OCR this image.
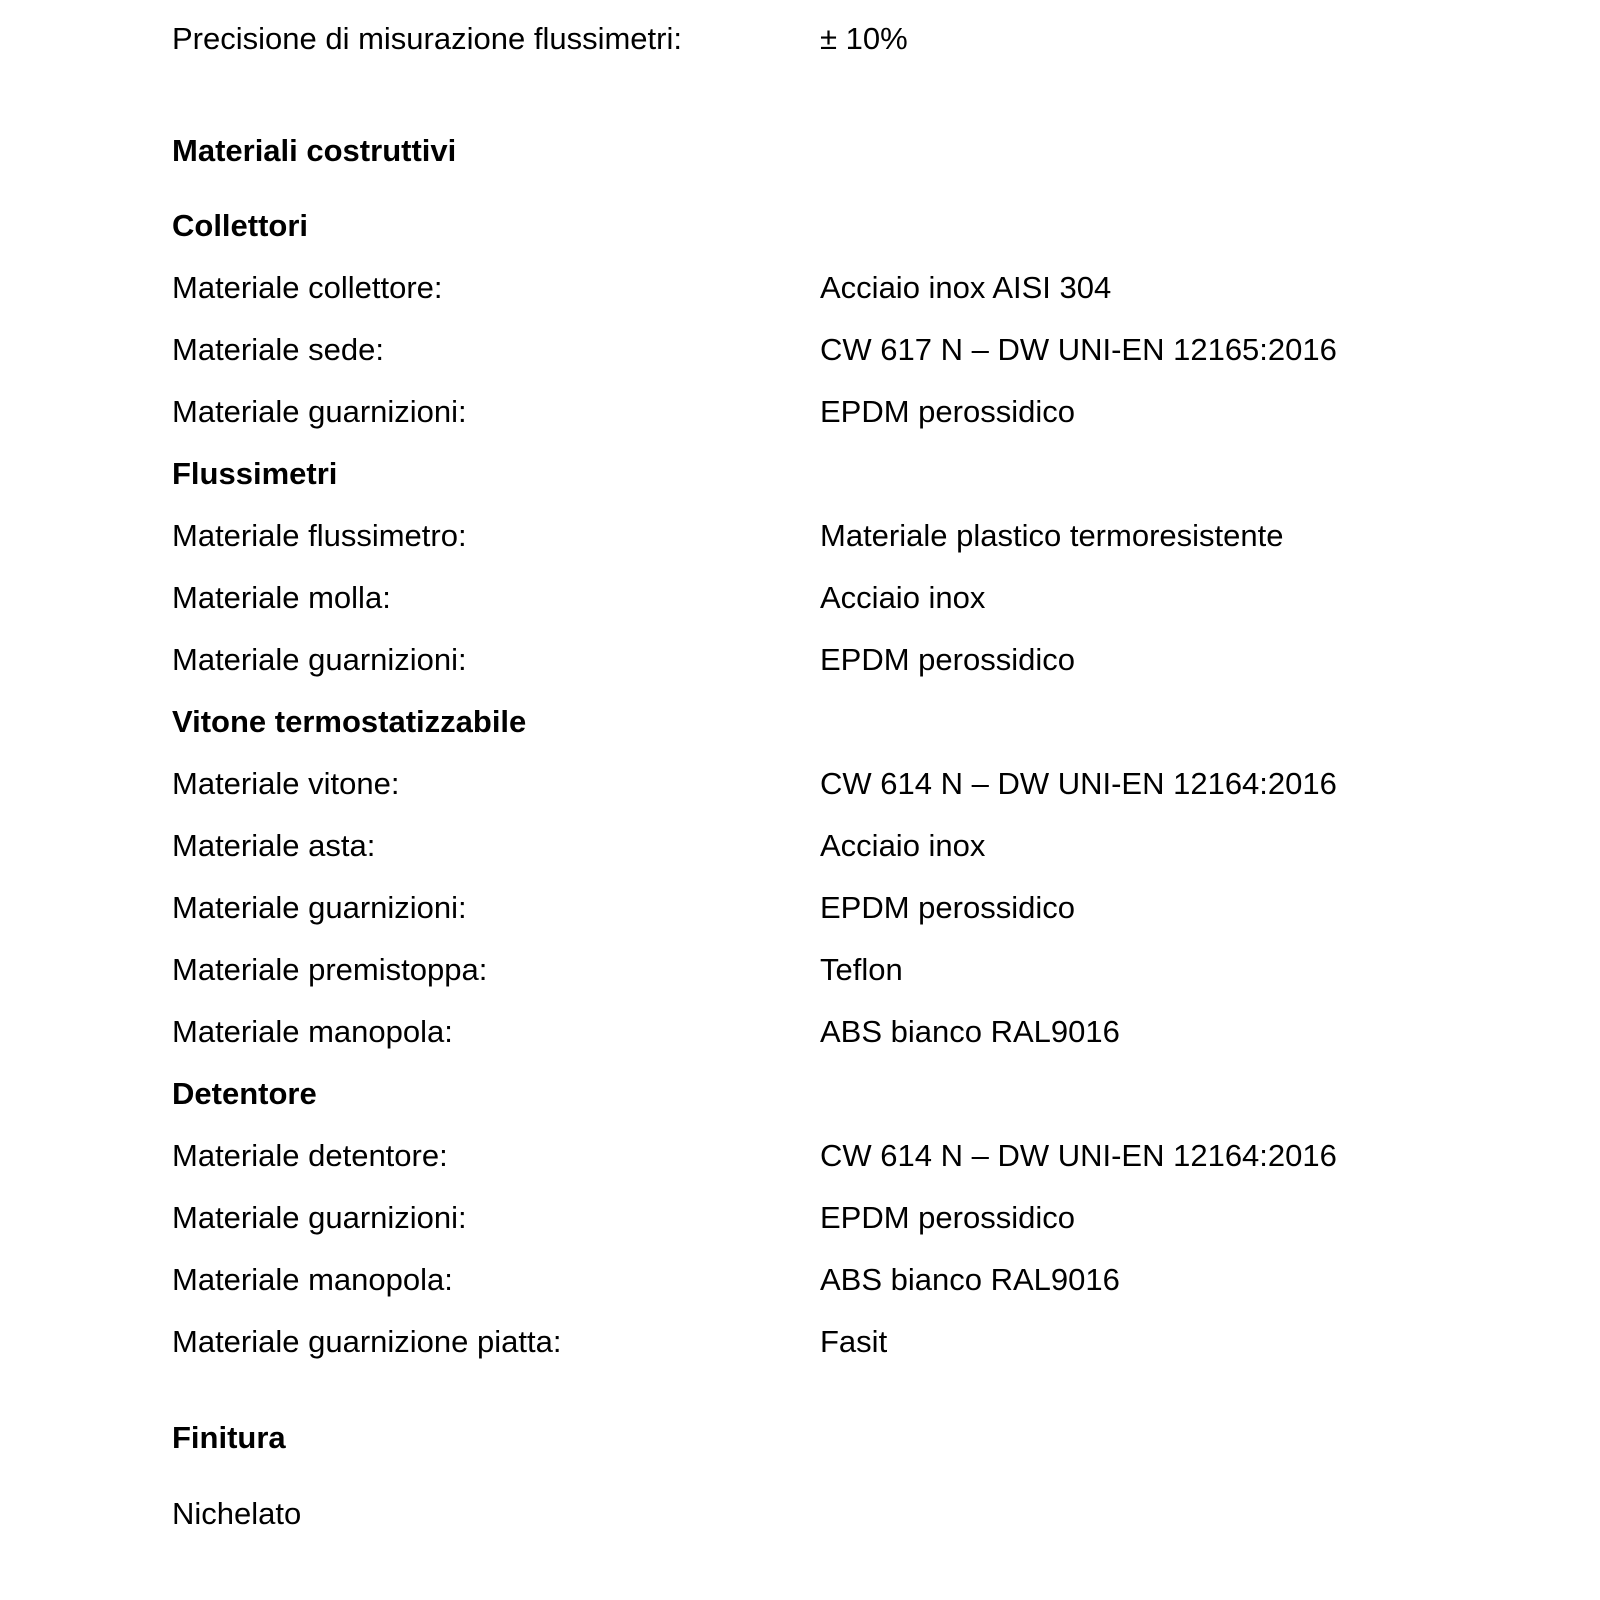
Precisione di misurazione flussimetri:	± 10%
Materiali costruttivi
Collettori
Materiale collettore:	Acciaio inox AISI 304
Materiale sede:	CW 617 N – DW UNI-EN 12165:2016
Materiale guarnizioni:	EPDM perossidico
Flussimetri
Materiale flussimetro:	Materiale plastico termoresistente
Materiale molla:	Acciaio inox
Materiale guarnizioni:	EPDM perossidico
Vitone termostatizzabile
Materiale vitone:	CW 614 N – DW UNI-EN 12164:2016
Materiale asta:	Acciaio inox
Materiale guarnizioni:	EPDM perossidico
Materiale premistoppa:	Teflon
Materiale manopola:	ABS bianco RAL9016
Detentore
Materiale detentore:	CW 614 N – DW UNI-EN 12164:2016
Materiale guarnizioni:	EPDM perossidico
Materiale manopola:	ABS bianco RAL9016
Materiale guarnizione piatta:	Fasit
Finitura
Nichelato
